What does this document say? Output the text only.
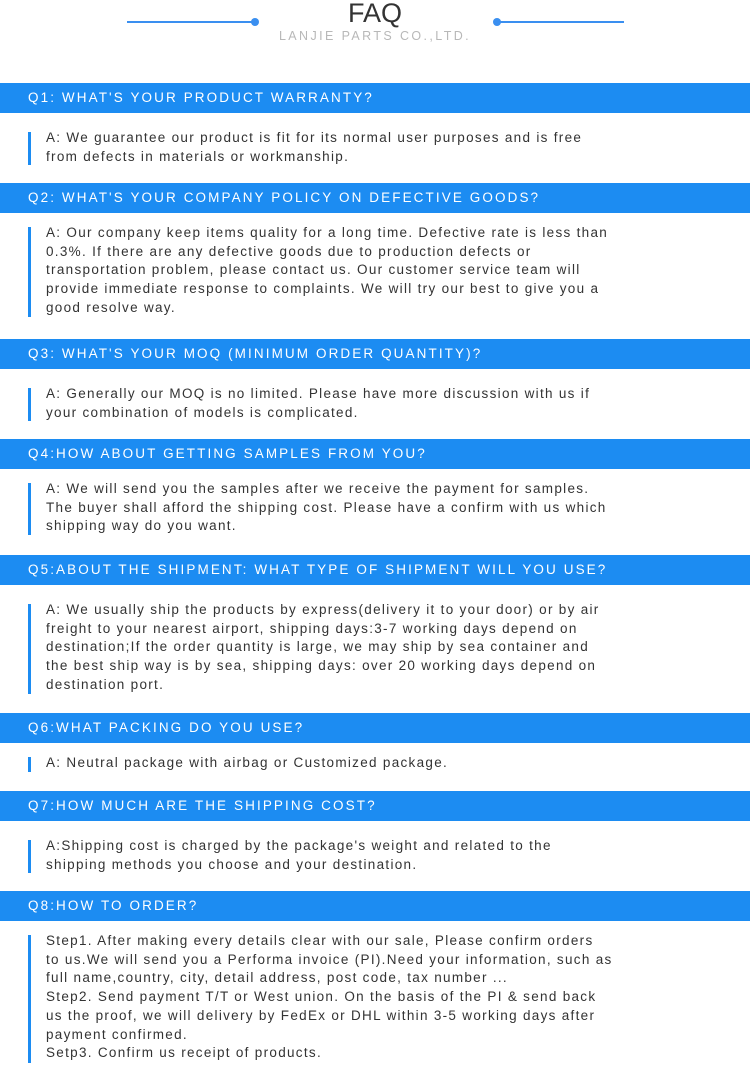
FAQ
LANJIE PARTS CO.,LTD.
Q1: WHAT'S YOUR PRODUCT WARRANTY?

A: We guarantee our product is fit for its normal user purposes and is free
from defects in materials or workmanship.

Q2: WHAT'S YOUR COMPANY POLICY ON DEFECTIVE GOODS?

A: Our company keep items quality for a long time. Defective rate is less than
0.3%. If there are any defective goods due to production defects or
transportation problem, please contact us. Our customer service team will
provide immediate response to complaints. We will try our best to give you a
good resolve way.

Q3: WHAT'S YOUR MOQ (MINIMUM ORDER QUANTITY)?

A: Generally our MOQ is no limited. Please have more discussion with us if
your combination of models is complicated.

Q4:HOW ABOUT GETTING SAMPLES FROM YOU?

A: We will send you the samples after we receive the payment for samples.
The buyer shall afford the shipping cost. Please have a confirm with us which
shipping way do you want.

Q5:ABOUT THE SHIPMENT: WHAT TYPE OF SHIPMENT WILL YOU USE?

A: We usually ship the products by express(delivery it to your door) or by air
freight to your nearest airport, shipping days:3-7 working days depend on
destination;If the order quantity is large, we may ship by sea container and
the best ship way is by sea, shipping days: over 20 working days depend on
destination port.

Q6:WHAT PACKING DO YOU USE?

A: Neutral package with airbag or Customized package.

Q7:HOW MUCH ARE THE SHIPPING COST?

A:Shipping cost is charged by the package's weight and related to the
shipping methods you choose and your destination.

Q8:HOW TO ORDER?

Step1. After making every details clear with our sale, Please confirm orders
to us.We will send you a Performa invoice (PI).Need your information, such as
full name,country, city, detail address, post code, tax number ...
Step2. Send payment T/T or West union. On the basis of the PI & send back
us the proof, we will delivery by FedEx or DHL within 3-5 working days after
payment confirmed.
Setp3. Confirm us receipt of products.
